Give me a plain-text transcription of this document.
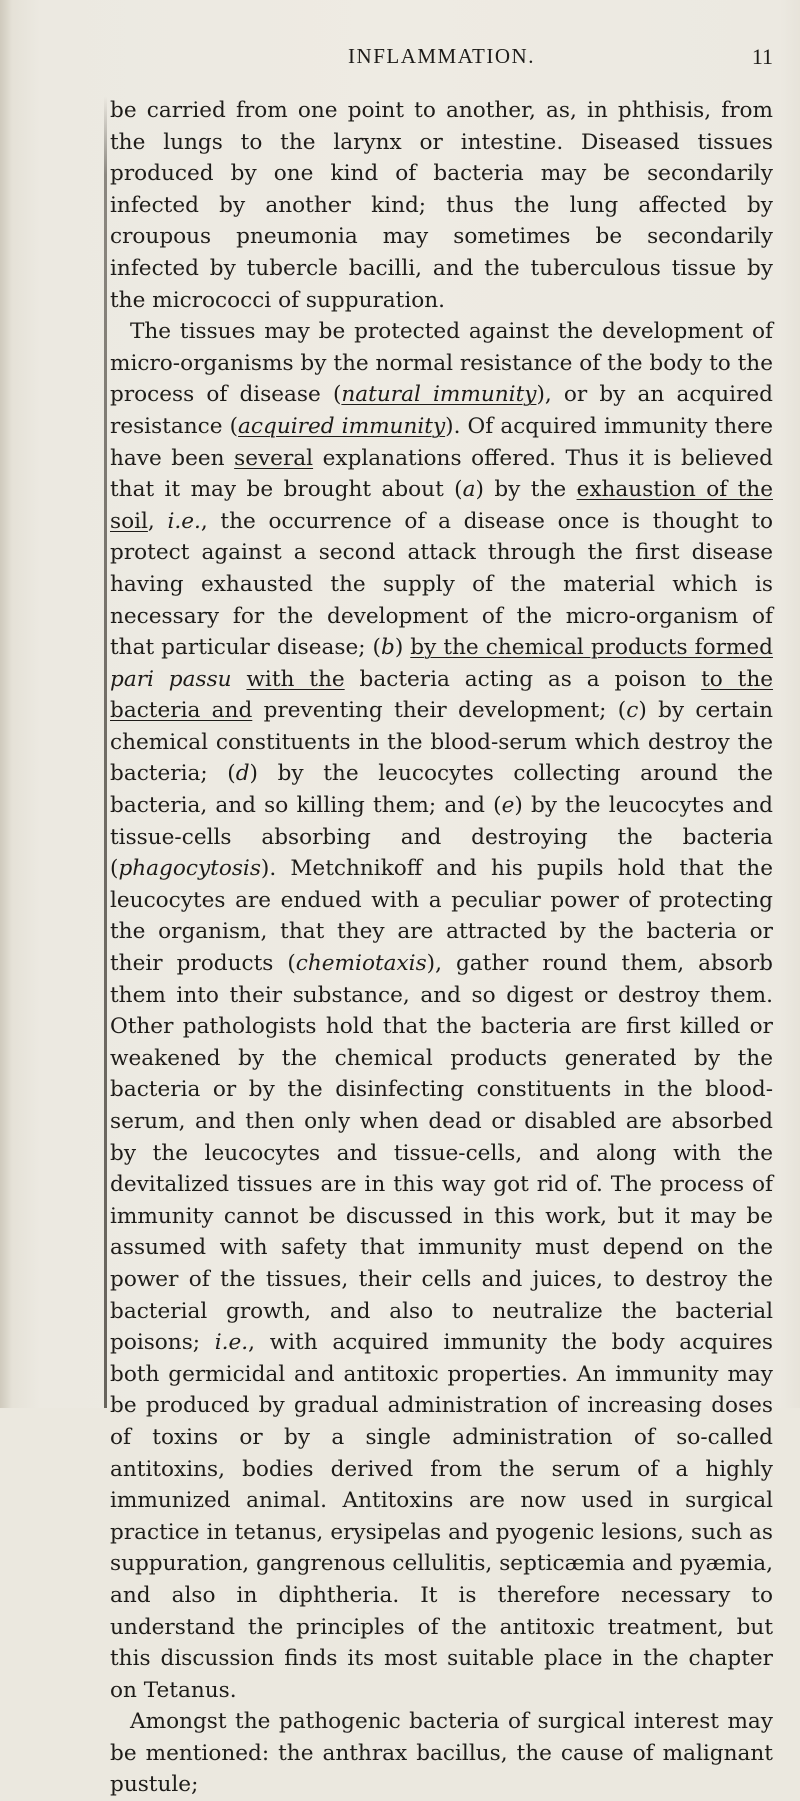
INFLAMMATION.	11

be carried from one point to another, as, in phthisis, from the lungs to the larynx or intestine. Diseased tissues produced by one kind of bacteria may be secondarily infected by another kind; thus the lung affected by croupous pneumonia may sometimes be secondarily infected by tubercle bacilli, and the tuberculous tissue by the micrococci of suppuration.

The tissues may be protected against the development of micro-organisms by the normal resistance of the body to the process of disease (natural immunity), or by an acquired resistance (acquired immunity). Of acquired immunity there have been several explanations offered. Thus it is believed that it may be brought about (a) by the exhaustion of the soil, i.e., the occurrence of a disease once is thought to protect against a second attack through the first disease having exhausted the supply of the material which is necessary for the development of the micro-organism of that particular disease; (b) by the chemical products formed pari passu with the bacteria acting as a poison to the bacteria and preventing their development; (c) by certain chemical constituents in the blood-serum which destroy the bacteria; (d) by the leucocytes collecting around the bacteria, and so killing them; and (e) by the leucocytes and tissue-cells absorbing and destroying the bacteria (phagocytosis). Metchnikoff and his pupils hold that the leucocytes are endued with a peculiar power of protecting the organism, that they are attracted by the bacteria or their products (chemiotaxis), gather round them, absorb them into their substance, and so digest or destroy them. Other pathologists hold that the bacteria are first killed or weakened by the chemical products generated by the bacteria or by the disinfecting constituents in the blood-serum, and then only when dead or disabled are absorbed by the leucocytes and tissue-cells, and along with the devitalized tissues are in this way got rid of. The process of immunity cannot be discussed in this work, but it may be assumed with safety that immunity must depend on the power of the tissues, their cells and juices, to destroy the bacterial growth, and also to neutralize the bacterial poisons; i.e., with acquired immunity the body acquires both germicidal and antitoxic properties. An immunity may be produced by gradual administration of increasing doses of toxins or by a single administration of so-called antitoxins, bodies derived from the serum of a highly immunized animal. Antitoxins are now used in surgical practice in tetanus, erysipelas and pyogenic lesions, such as suppuration, gangrenous cellulitis, septicæmia and pyæmia, and also in diphtheria. It is therefore necessary to understand the principles of the antitoxic treatment, but this discussion finds its most suitable place in the chapter on Tetanus.

Amongst the pathogenic bacteria of surgical interest may be mentioned: the anthrax bacillus, the cause of malignant pustule;
